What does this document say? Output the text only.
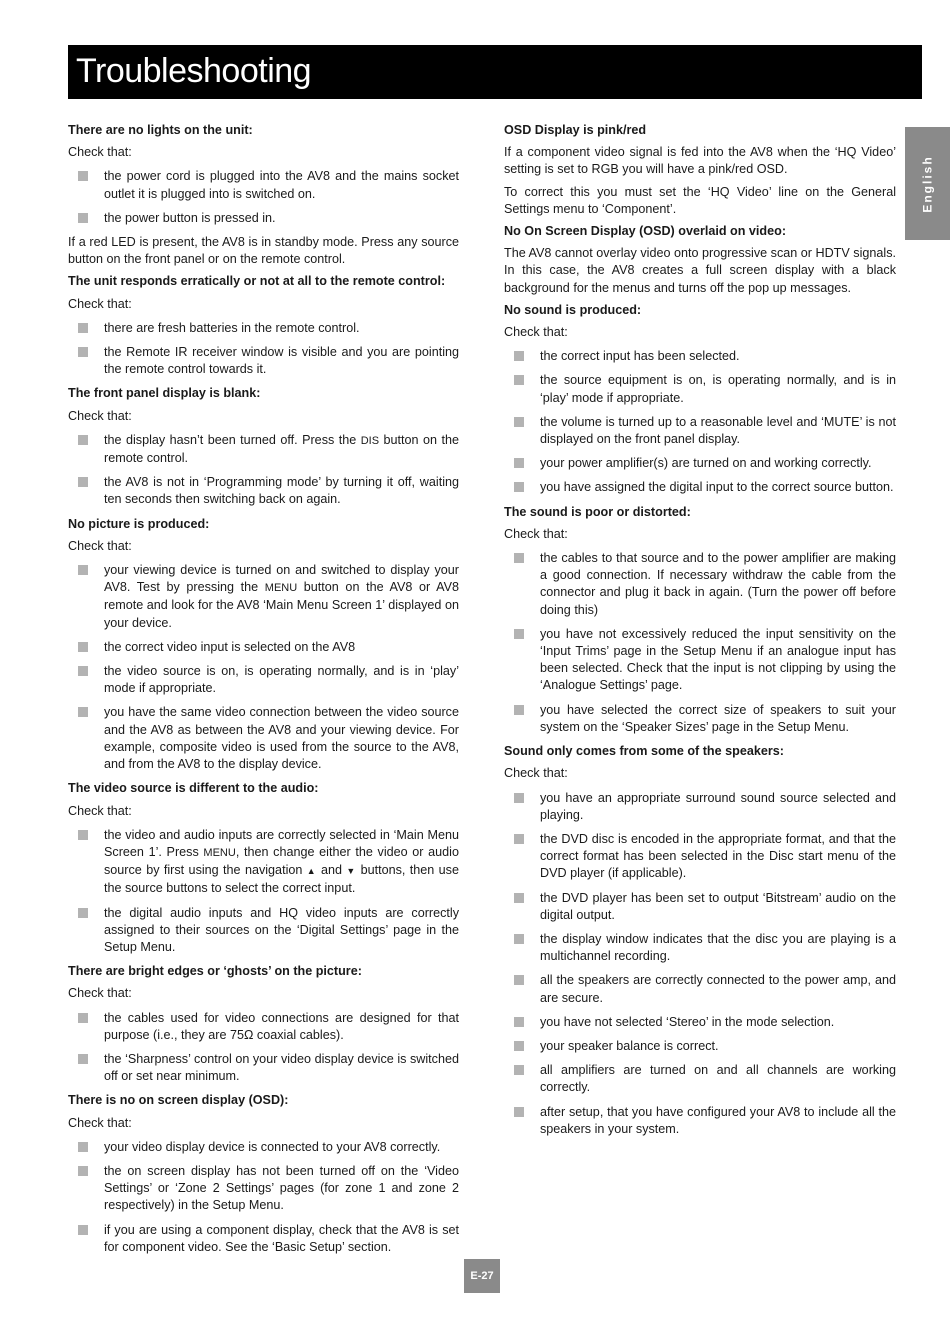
Troubleshooting
English
There are no lights on the unit:
Check that:
the power cord is plugged into the AV8 and the mains socket outlet it is plugged into is switched on.
the power button is pressed in.
If a red LED is present, the AV8 is in standby mode. Press any source button on the front panel or on the remote control.
The unit responds erratically or not at all to the remote control:
Check that:
there are fresh batteries in the remote control.
the Remote IR receiver window is visible and you are pointing the remote control towards it.
The front panel display is blank:
Check that:
the display hasn’t been turned off. Press the DIS button on the remote control.
the AV8 is not in ‘Programming mode’ by turning it off, waiting ten seconds then switching back on again.
No picture is produced:
Check that:
your viewing device is turned on and switched to display your AV8. Test by pressing the MENU button on the AV8 or AV8 remote and look for the AV8 ‘Main Menu Screen 1’ displayed on your device.
the correct video input is selected on the AV8
the video source is on, is operating normally, and is in ‘play’ mode if appropriate.
you have the same video connection between the video source and the AV8 as between the AV8 and your viewing device. For example, composite video is used from the source to the AV8, and from the AV8 to the display device.
The video source is different to the audio:
Check that:
the video and audio inputs are correctly selected in ‘Main Menu Screen 1’. Press MENU, then change either the video or audio source by first using the navigation ▲ and ▼ buttons, then use the source buttons to select the correct input.
the digital audio inputs and HQ video inputs are correctly assigned to their sources on the ‘Digital Settings’ page in the Setup Menu.
There are bright edges or ‘ghosts’ on the picture:
Check that:
the cables used for video connections are designed for that purpose (i.e., they are 75Ω coaxial cables).
the ‘Sharpness’ control on your video display device is switched off or set near minimum.
There is no on screen display (OSD):
Check that:
your video display device is connected to your AV8 correctly.
the on screen display has not been turned off on the ‘Video Settings’ or ‘Zone 2 Settings’ pages (for zone 1 and zone 2 respectively) in the Setup Menu.
if you are using a component display, check that the AV8 is set for component video. See the ‘Basic Setup’ section.
OSD Display is pink/red
If a component video signal is fed into the AV8 when the ‘HQ Video’ setting is set to RGB you will have a pink/red OSD.
To correct this you must set the ‘HQ Video’ line on the General Settings menu to ‘Component’.
No On Screen Display (OSD) overlaid on video:
The AV8 cannot overlay video onto progressive scan or HDTV signals. In this case, the AV8 creates a full screen display with a black background for the menus and turns off the pop up messages.
No sound is produced:
Check that:
the correct input has been selected.
the source equipment is on, is operating normally, and is in ‘play’ mode if appropriate.
the volume is turned up to a reasonable level and ‘MUTE’ is not displayed on the front panel display.
your power amplifier(s) are turned on and working correctly.
you have assigned the digital input to the correct source button.
The sound is poor or distorted:
Check that:
the cables to that source and to the power amplifier are making a good connection. If necessary withdraw the cable from the connector and plug it back in again. (Turn the power off before doing this)
you have not excessively reduced the input sensitivity on the ‘Input Trims’ page in the Setup Menu if an analogue input has been selected. Check that the input is not clipping by using the ‘Analogue Settings’ page.
you have selected the correct size of speakers to suit your system on the ‘Speaker Sizes’ page in the Setup Menu.
Sound only comes from some of the speakers:
Check that:
you have an appropriate surround sound source selected and playing.
the DVD disc is encoded in the appropriate format, and that the correct format has been selected in the Disc start menu of the DVD player (if applicable).
the DVD player has been set to output ‘Bitstream’ audio on the digital output.
the display window indicates that the disc you are playing is a multichannel recording.
all the speakers are correctly connected to the power amp, and are secure.
you have not selected ‘Stereo’ in the mode selection.
your speaker balance is correct.
all amplifiers are turned on and all channels are working correctly.
after setup, that you have configured your AV8 to include all the speakers in your system.
E-27
